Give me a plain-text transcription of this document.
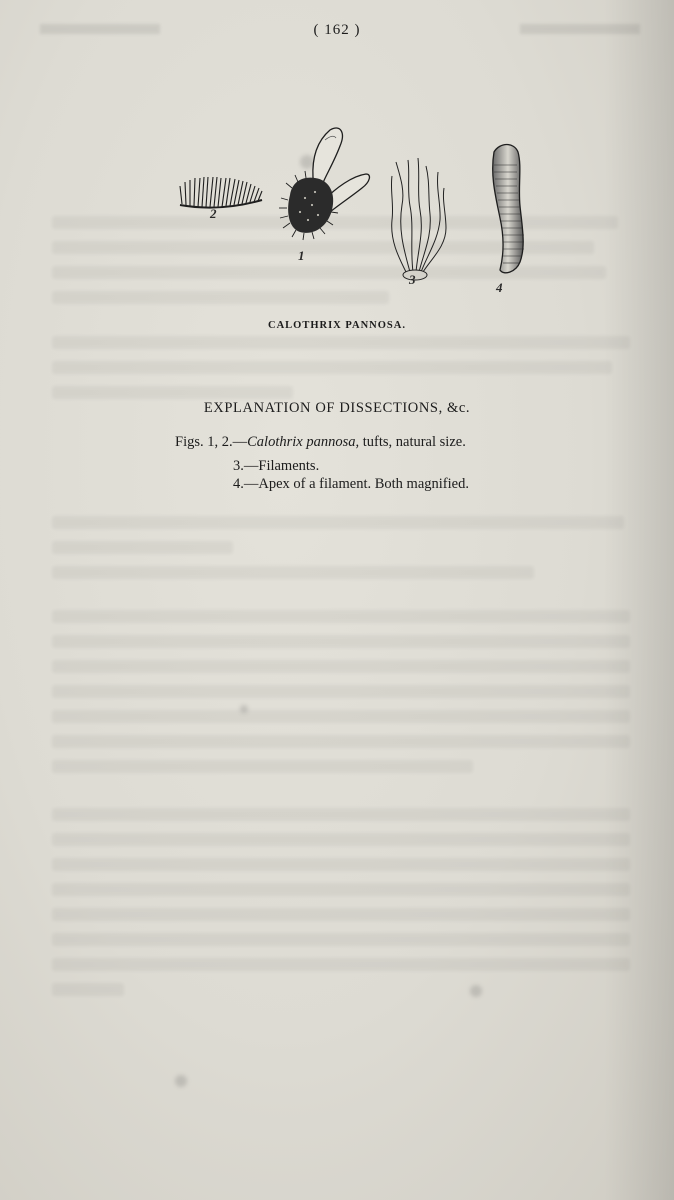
( 162 )
2
1
3
4
CALOTHRIX PANNOSA.
EXPLANATION OF DISSECTIONS, &c.
Figs. 1, 2.—Calothrix pannosa, tufts, natural size.
3.—Filaments.
4.—Apex of a filament. Both magnified.
